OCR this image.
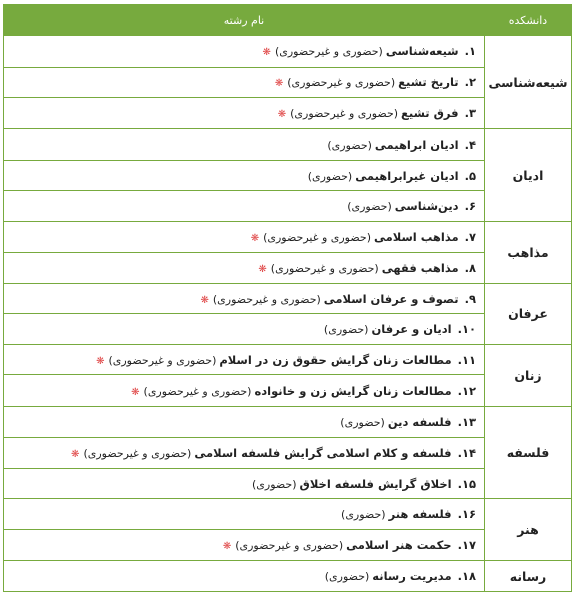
دانشکده	نام رشته
شیعه‌شناسی	۱.شیعه‌شناسی(حضوری و غیرحضوری)❋
	۲.تاریخ تشیع(حضوری و غیرحضوری)❋
	۳.فرق تشیع(حضوری و غیرحضوری)❋
ادیان	۴.ادیان ابراهیمی(حضوری)
	۵.ادیان غیرابراهیمی(حضوری)
	۶.دین‌شناسی(حضوری)
مذاهب	۷.مذاهب اسلامی(حضوری و غیرحضوری)❋
	۸.مذاهب فقهی(حضوری و غیرحضوری)❋
عرفان	۹.تصوف و عرفان اسلامی(حضوری و غیرحضوری)❋
	۱۰.ادیان و عرفان(حضوری)
زنان	۱۱.مطالعات زنان گرایش حقوق زن در اسلام(حضوری و غیرحضوری)❋
	۱۲.مطالعات زنان گرایش زن و خانواده(حضوری و غیرحضوری)❋
فلسفه	۱۳.فلسفه دین(حضوری)
	۱۴.فلسفه و کلام اسلامی گرایش فلسفه اسلامی(حضوری و غیرحضوری)❋
	۱۵.اخلاق گرایش فلسفه اخلاق(حضوری)
هنر	۱۶.فلسفه هنر(حضوری)
	۱۷.حکمت هنر اسلامی(حضوری و غیرحضوری)❋
رسانه	۱۸.مدیریت رسانه(حضوری)
